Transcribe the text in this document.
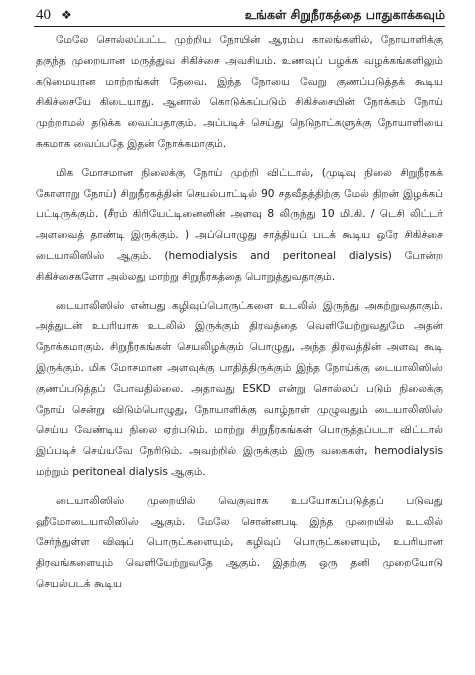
40 ❖	உங்கள் சிறுநீரகத்தை பாதுகாக்கவும்

மேலே சொல்லப்பட்ட முற்றிய நோயின் ஆரம்ப காலங்களில், நோயாளிக்கு தகுந்த முறையான மருத்துவ சிகிச்சை அவசியம். உணவுப் பழக்க வழக்கங்களிலும் கடுமையான மாற்றங்கள் தேவை. இந்த நோயை வேறு குணப்படுத்தக் கூடிய சிகிச்சையே கிடையாது. ஆனால் கொடுக்கப்படும் சிகிச்சையின் நோக்கம் நோய் முற்றாமல் தடுக்க வைப்பதாகும். அப்படிச் செய்து நெடுநாட்களுக்கு நோயாளியை சுகமாக வைப்பதே இதன் நோக்கமாகும்.

மிக மோசமான நிலைக்கு நோய் முற்றி விட்டால், (முடிவு நிலை சிறுநீரகக் கோளாறு நோய்) சிறுநீரகத்தின் செயல்பாட்டில் 90 சதவீதத்திற்கு மேல் திறன் இழக்கப் பட்டிருக்கும். (சீரம் கிரியேட்டினைனின் அளவு 8 லிருந்து 10 மி.கி. / டெசி லிட்டர் அளவைத் தாண்டி இருக்கும். ) அப்பொழுது சாத்தியப் படக் கூடிய ஒரே சிகிச்சை டையாலிஸிஸ் ஆகும். (hemodialysis and peritoneal dialysis) போன்ற சிகிச்சைகளோ அல்லது மாற்று சிறுநீரகத்தை பொறுத்துவதாகும்.

டையாலிஸிஸ் என்பது கழிவுப்பொருட்களை உடலில் இருந்து அகற்றுவதாகும். அத்துடன் உபரியாக உடலில் இருக்கும் திரவத்தை வெளியேற்றுவதுமே அதன் நோக்கமாகும். சிறுநீரகங்கள் செயலிழக்கும் பொழுது, அந்த திரவத்தின் அளவு கூடி இருக்கும். மிக மோசமான அளவுக்கு பாதித்திருக்கும் இந்த நோய்க்கு டையாலிஸிஸ் குணப்படுத்தப் போவதில்லை. அதாவது ESKD என்று சொல்லப் படும் நிலைக்கு நோய் சென்று விடும்பொழுது, நோயாளிக்கு வாழ்நாள் முழுவதும் டையாலிஸிஸ் செய்ய வேண்டிய நிலை ஏற்படும். மாற்று சிறுநீரகங்கள் பொருத்தப்படா விட்டால் இப்படிச் செய்யவே நேரிடும். அவற்றில் இருக்கும் இரு வகைகள், hemodialysis மற்றும் peritoneal dialysis ஆகும்.

டையாலிஸிஸ் முறையில் வெகுவாக உபயோகப்படுத்தப் படுவது ஹீமோடையாலிஸிஸ் ஆகும். மேலே சொன்னபடி இந்த முறையில் உடலில் சேர்ந்துள்ள விஷப் பொருட்களையும், கழிவுப் பொருட்களையும், உபரியான திரவங்களையும் வெளியேற்றுவதே ஆகும். இதற்கு ஒரு தனி முறையோடு செயல்படக் கூடிய
